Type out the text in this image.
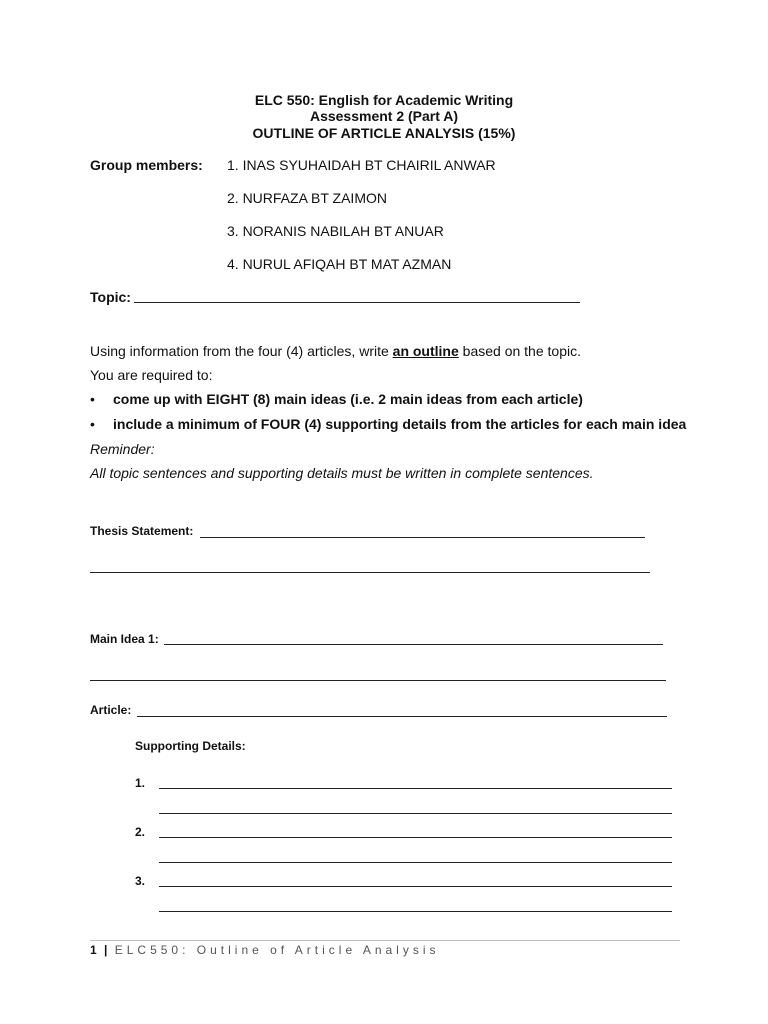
ELC 550: English for Academic Writing
Assessment 2 (Part A)
OUTLINE OF ARTICLE ANALYSIS (15%)
Group members: 1. INAS SYUHAIDAH BT CHAIRIL ANWAR
2. NURFAZA BT ZAIMON
3. NORANIS NABILAH BT ANUAR
4. NURUL AFIQAH BT MAT AZMAN
Topic:
Using information from the four (4) articles, write an outline based on the topic.
You are required to:
• come up with EIGHT (8) main ideas (i.e. 2 main ideas from each article)
• include a minimum of FOUR (4) supporting details from the articles for each main idea
Reminder:
All topic sentences and supporting details must be written in complete sentences.
Thesis Statement:
Main Idea 1:
Article:
Supporting Details:
1.
2.
3.
1 | ELC550: Outline of Article Analysis
